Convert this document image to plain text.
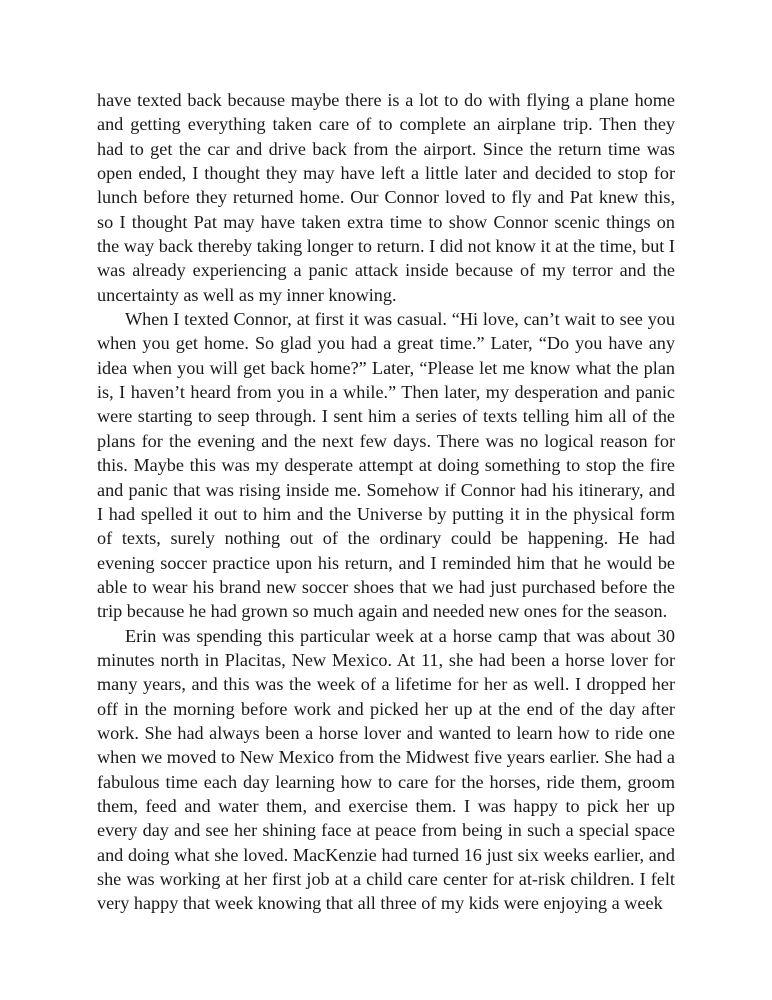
have texted back because maybe there is a lot to do with flying a plane home and getting everything taken care of to complete an airplane trip. Then they had to get the car and drive back from the airport. Since the return time was open ended, I thought they may have left a little later and decided to stop for lunch before they returned home. Our Connor loved to fly and Pat knew this, so I thought Pat may have taken extra time to show Connor scenic things on the way back thereby taking longer to return. I did not know it at the time, but I was already experiencing a panic attack inside because of my terror and the uncertainty as well as my inner knowing.

When I texted Connor, at first it was casual. “Hi love, can’t wait to see you when you get home. So glad you had a great time.” Later, “Do you have any idea when you will get back home?” Later, “Please let me know what the plan is, I haven’t heard from you in a while.” Then later, my desperation and panic were starting to seep through. I sent him a series of texts telling him all of the plans for the evening and the next few days. There was no logical reason for this. Maybe this was my desperate attempt at doing something to stop the fire and panic that was rising inside me. Somehow if Connor had his itinerary, and I had spelled it out to him and the Universe by putting it in the physical form of texts, surely nothing out of the ordinary could be happening. He had evening soccer practice upon his return, and I reminded him that he would be able to wear his brand new soccer shoes that we had just purchased before the trip because he had grown so much again and needed new ones for the season.

Erin was spending this particular week at a horse camp that was about 30 minutes north in Placitas, New Mexico. At 11, she had been a horse lover for many years, and this was the week of a lifetime for her as well. I dropped her off in the morning before work and picked her up at the end of the day after work. She had always been a horse lover and wanted to learn how to ride one when we moved to New Mexico from the Midwest five years earlier. She had a fabulous time each day learning how to care for the horses, ride them, groom them, feed and water them, and exercise them. I was happy to pick her up every day and see her shining face at peace from being in such a special space and doing what she loved. MacKenzie had turned 16 just six weeks earlier, and she was working at her first job at a child care center for at-risk children. I felt very happy that week knowing that all three of my kids were enjoying a week
